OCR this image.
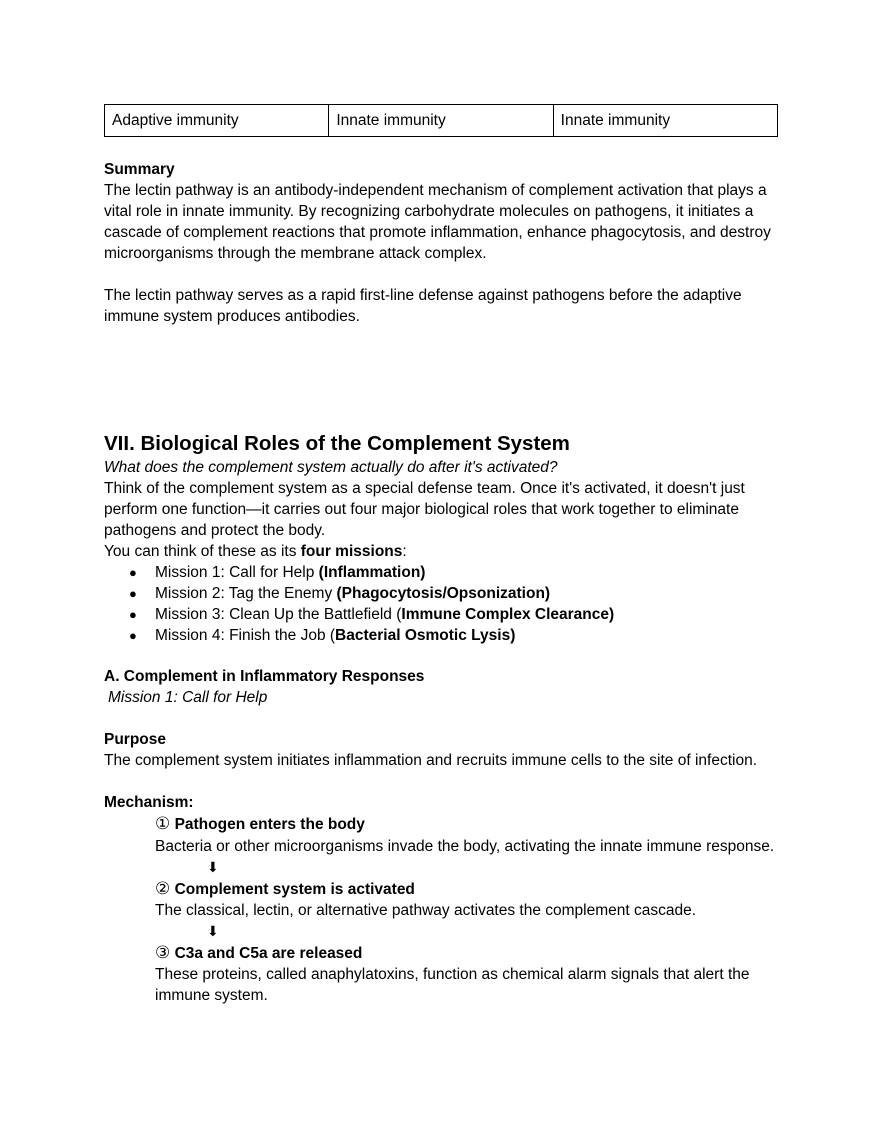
Adaptive immunity	Innate immunity	Innate immunity

Summary

The lectin pathway is an antibody-independent mechanism of complement activation that plays a vital role in innate immunity. By recognizing carbohydrate molecules on pathogens, it initiates a cascade of complement reactions that promote inflammation, enhance phagocytosis, and destroy microorganisms through the membrane attack complex.

The lectin pathway serves as a rapid first-line defense against pathogens before the adaptive immune system produces antibodies.

VII. Biological Roles of the Complement System

What does the complement system actually do after it's activated?

Think of the complement system as a special defense team. Once it's activated, it doesn't just perform one function—it carries out four major biological roles that work together to eliminate pathogens and protect the body.

You can think of these as its four missions:

● Mission 1: Call for Help (Inflammation)
● Mission 2: Tag the Enemy (Phagocytosis/Opsonization)
● Mission 3: Clean Up the Battlefield (Immune Complex Clearance)
● Mission 4: Finish the Job (Bacterial Osmotic Lysis)

A. Complement in Inflammatory Responses

Mission 1: Call for Help

Purpose

The complement system initiates inflammation and recruits immune cells to the site of infection.

Mechanism:

① Pathogen enters the body

Bacteria or other microorganisms invade the body, activating the innate immune response.

⬇

② Complement system is activated

The classical, lectin, or alternative pathway activates the complement cascade.

⬇

③ C3a and C5a are released

These proteins, called anaphylatoxins, function as chemical alarm signals that alert the immune system.
